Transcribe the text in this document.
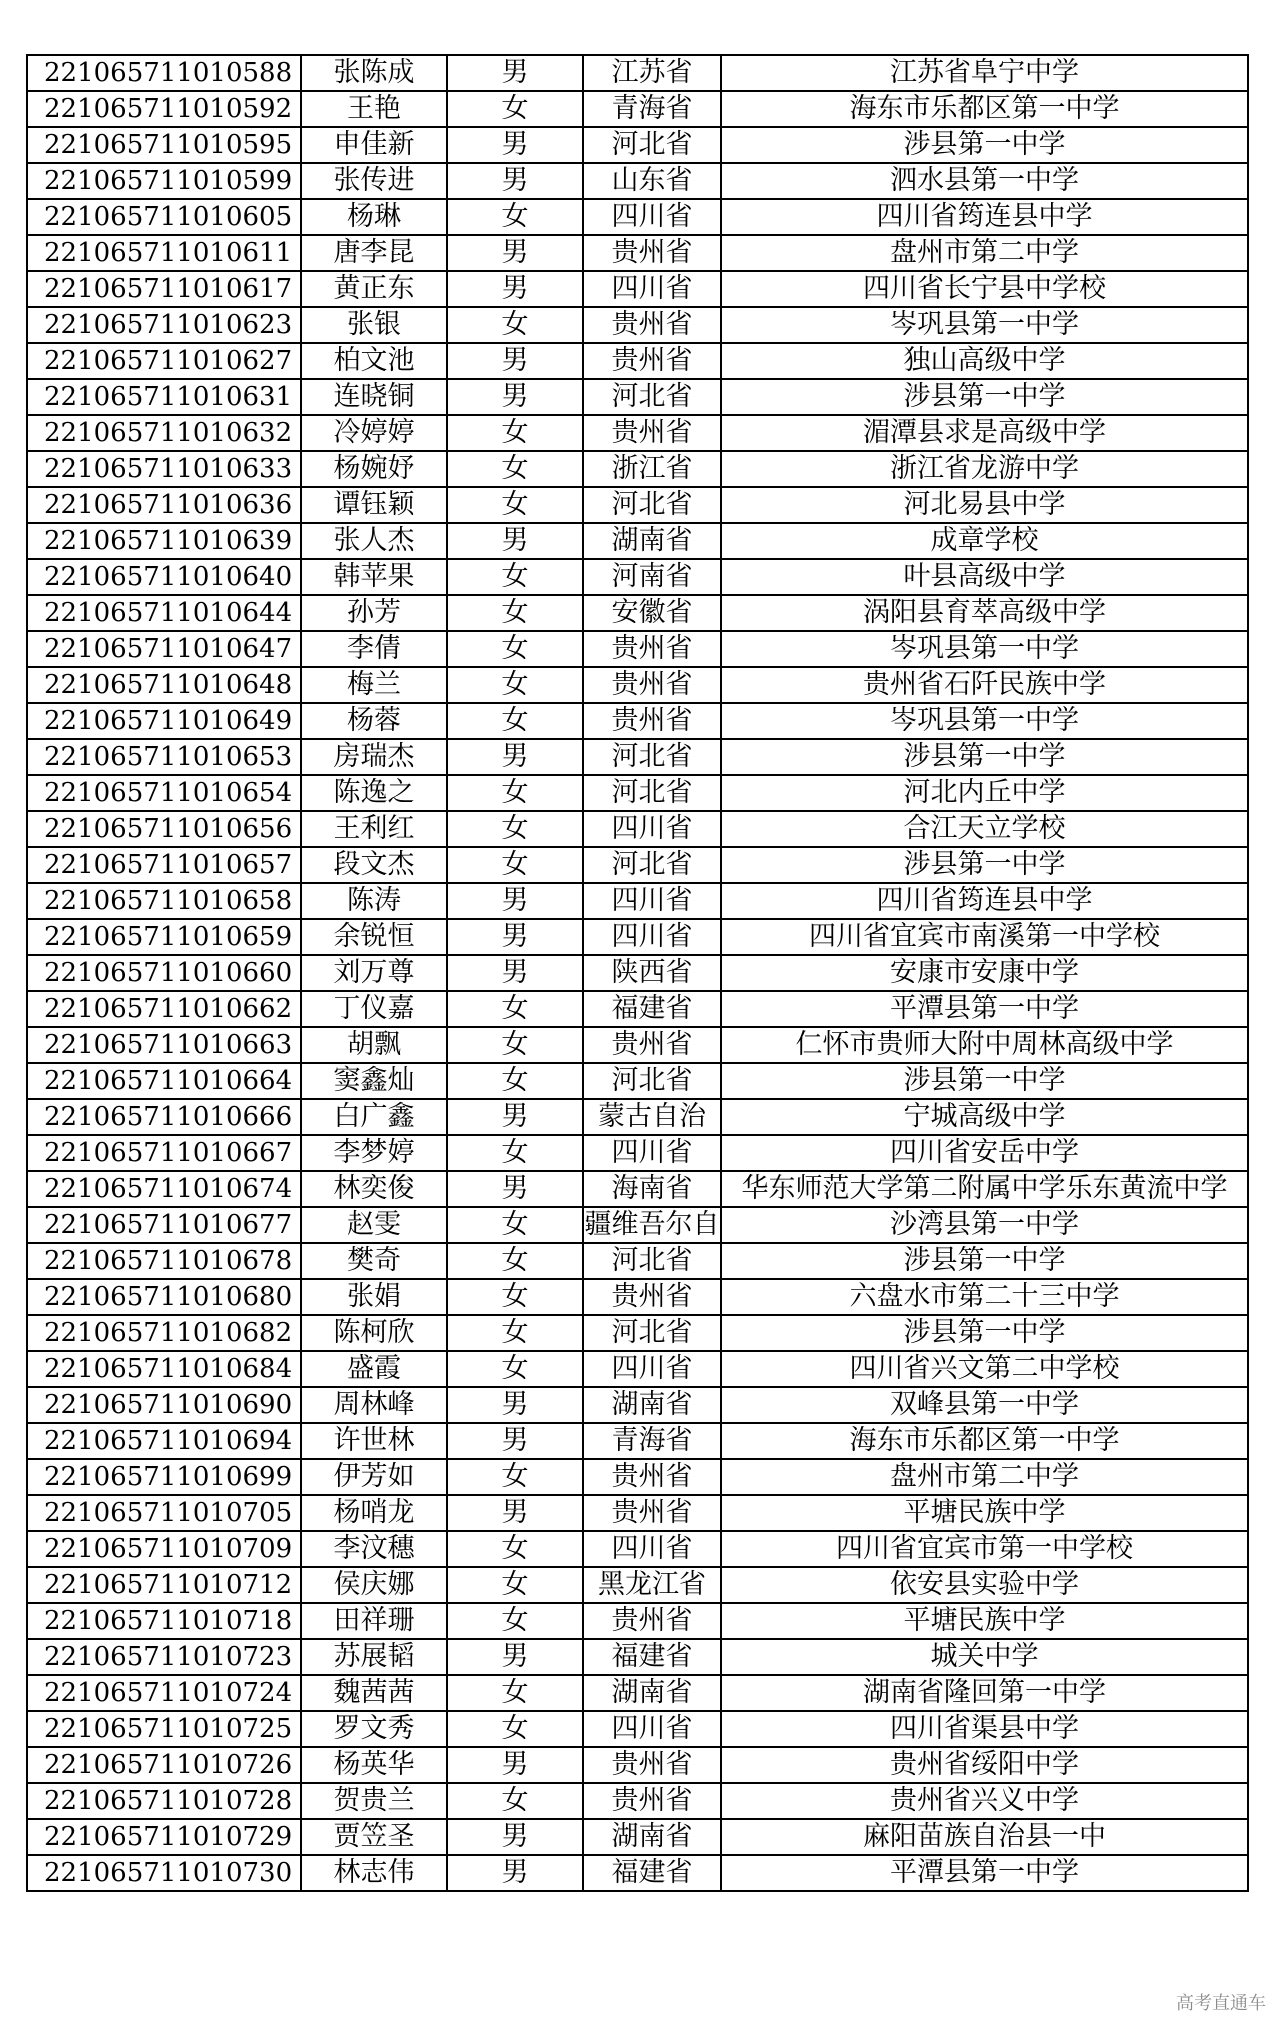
221065711010588	张陈成	男	江苏省	江苏省阜宁中学
221065711010592	王艳	女	青海省	海东市乐都区第一中学
221065711010595	申佳新	男	河北省	涉县第一中学
221065711010599	张传进	男	山东省	泗水县第一中学
221065711010605	杨琳	女	四川省	四川省筠连县中学
221065711010611	唐李昆	男	贵州省	盘州市第二中学
221065711010617	黄正东	男	四川省	四川省长宁县中学校
221065711010623	张银	女	贵州省	岑巩县第一中学
221065711010627	柏文池	男	贵州省	独山高级中学
221065711010631	连晓铜	男	河北省	涉县第一中学
221065711010632	冷婷婷	女	贵州省	湄潭县求是高级中学
221065711010633	杨婉妤	女	浙江省	浙江省龙游中学
221065711010636	谭钰颖	女	河北省	河北易县中学
221065711010639	张人杰	男	湖南省	成章学校
221065711010640	韩苹果	女	河南省	叶县高级中学
221065711010644	孙芳	女	安徽省	涡阳县育萃高级中学
221065711010647	李倩	女	贵州省	岑巩县第一中学
221065711010648	梅兰	女	贵州省	贵州省石阡民族中学
221065711010649	杨蓉	女	贵州省	岑巩县第一中学
221065711010653	房瑞杰	男	河北省	涉县第一中学
221065711010654	陈逸之	女	河北省	河北内丘中学
221065711010656	王利红	女	四川省	合江天立学校
221065711010657	段文杰	女	河北省	涉县第一中学
221065711010658	陈涛	男	四川省	四川省筠连县中学
221065711010659	余锐恒	男	四川省	四川省宜宾市南溪第一中学校
221065711010660	刘万尊	男	陕西省	安康市安康中学
221065711010662	丁仪嘉	女	福建省	平潭县第一中学
221065711010663	胡飘	女	贵州省	仁怀市贵师大附中周林高级中学
221065711010664	窦鑫灿	女	河北省	涉县第一中学
221065711010666	白广鑫	男	蒙古自治	宁城高级中学
221065711010667	李梦婷	女	四川省	四川省安岳中学
221065711010674	林奕俊	男	海南省	华东师范大学第二附属中学乐东黄流中学
221065711010677	赵雯	女	疆维吾尔自	沙湾县第一中学
221065711010678	樊奇	女	河北省	涉县第一中学
221065711010680	张娟	女	贵州省	六盘水市第二十三中学
221065711010682	陈柯欣	女	河北省	涉县第一中学
221065711010684	盛霞	女	四川省	四川省兴文第二中学校
221065711010690	周林峰	男	湖南省	双峰县第一中学
221065711010694	许世林	男	青海省	海东市乐都区第一中学
221065711010699	伊芳如	女	贵州省	盘州市第二中学
221065711010705	杨哨龙	男	贵州省	平塘民族中学
221065711010709	李汶穗	女	四川省	四川省宜宾市第一中学校
221065711010712	侯庆娜	女	黑龙江省	依安县实验中学
221065711010718	田祥珊	女	贵州省	平塘民族中学
221065711010723	苏展韬	男	福建省	城关中学
221065711010724	魏茜茜	女	湖南省	湖南省隆回第一中学
221065711010725	罗文秀	女	四川省	四川省渠县中学
221065711010726	杨英华	男	贵州省	贵州省绥阳中学
221065711010728	贺贵兰	女	贵州省	贵州省兴义中学
221065711010729	贾笠圣	男	湖南省	麻阳苗族自治县一中
221065711010730	林志伟	男	福建省	平潭县第一中学
高考直通车
